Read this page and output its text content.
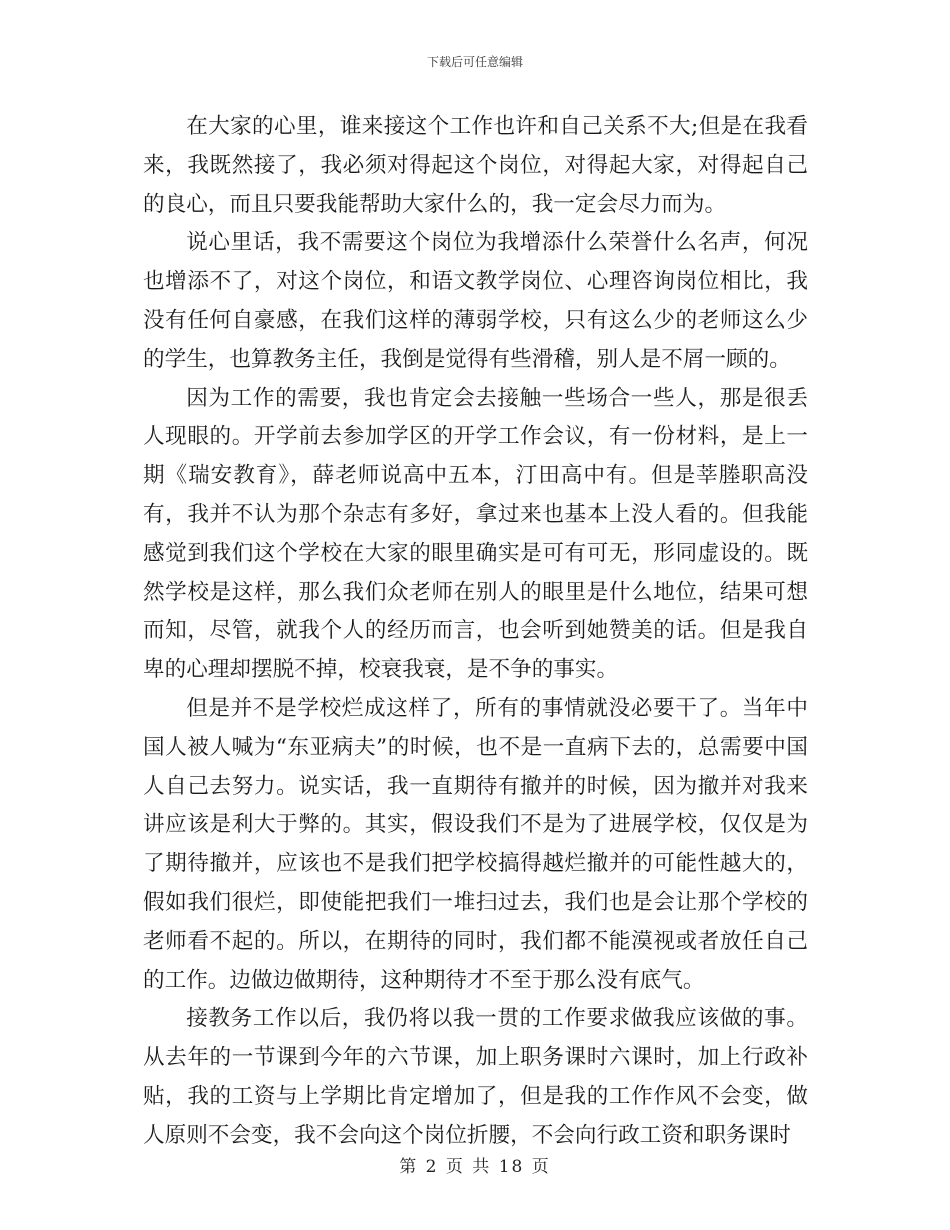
下载后可任意编辑

在大家的心里，谁来接这个工作也许和自己关系不大;但是在我看来，我既然接了，我必须对得起这个岗位，对得起大家，对得起自己的良心，而且只要我能帮助大家什么的，我一定会尽力而为。

说心里话，我不需要这个岗位为我增添什么荣誉什么名声，何况也增添不了，对这个岗位，和语文教学岗位、心理咨询岗位相比，我没有任何自豪感，在我们这样的薄弱学校，只有这么少的老师这么少的学生，也算教务主任，我倒是觉得有些滑稽，别人是不屑一顾的。

因为工作的需要，我也肯定会去接触一些场合一些人，那是很丢人现眼的。开学前去参加学区的开学工作会议，有一份材料，是上一期《瑞安教育》，薛老师说高中五本，汀田高中有。但是莘塍职高没有，我并不认为那个杂志有多好，拿过来也基本上没人看的。但我能感觉到我们这个学校在大家的眼里确实是可有可无，形同虚设的。既然学校是这样，那么我们众老师在别人的眼里是什么地位，结果可想而知，尽管，就我个人的经历而言，也会听到她赞美的话。但是我自卑的心理却摆脱不掉，校衰我衰，是不争的事实。

但是并不是学校烂成这样了，所有的事情就没必要干了。当年中国人被人喊为“东亚病夫”的时候，也不是一直病下去的，总需要中国人自己去努力。说实话，我一直期待有撤并的时候，因为撤并对我来讲应该是利大于弊的。其实，假设我们不是为了进展学校，仅仅是为了期待撤并，应该也不是我们把学校搞得越烂撤并的可能性越大的，假如我们很烂，即使能把我们一堆扫过去，我们也是会让那个学校的老师看不起的。所以，在期待的同时，我们都不能漠视或者放任自己的工作。边做边做期待，这种期待才不至于那么没有底气。

接教务工作以后，我仍将以我一贯的工作要求做我应该做的事。从去年的一节课到今年的六节课，加上职务课时六课时，加上行政补贴，我的工资与上学期比肯定增加了，但是我的工作作风不会变，做人原则不会变，我不会向这个岗位折腰，不会向行政工资和职务课时

第 2 页 共 18 页
